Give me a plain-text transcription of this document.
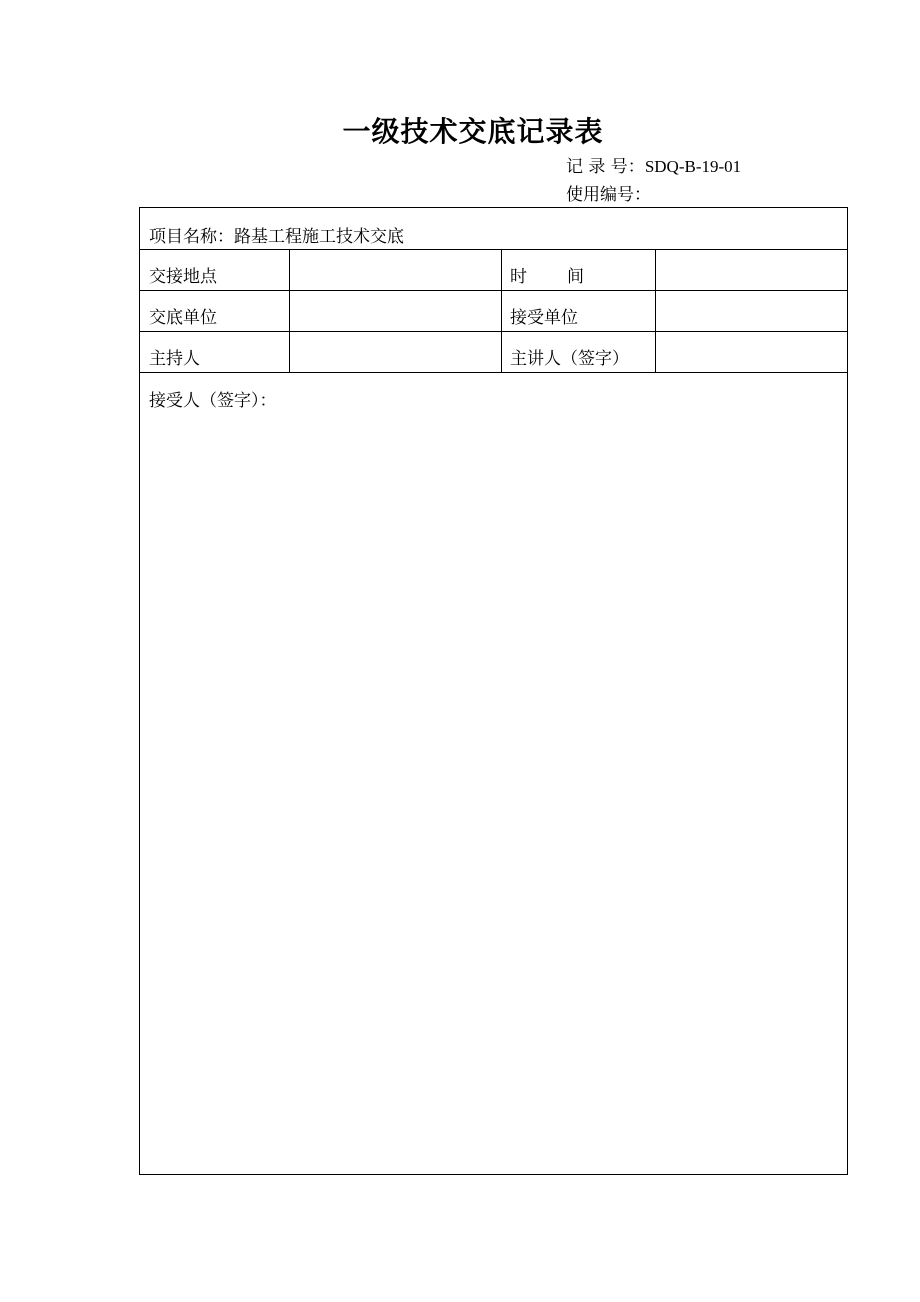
一级技术交底记录表
记 录 号：SDQ-B-19-01
使用编号：
项目名称：路基工程施工技术交底
交接地点	时 间
交底单位	接受单位
主持人	主讲人（签字）
接受人（签字）：
